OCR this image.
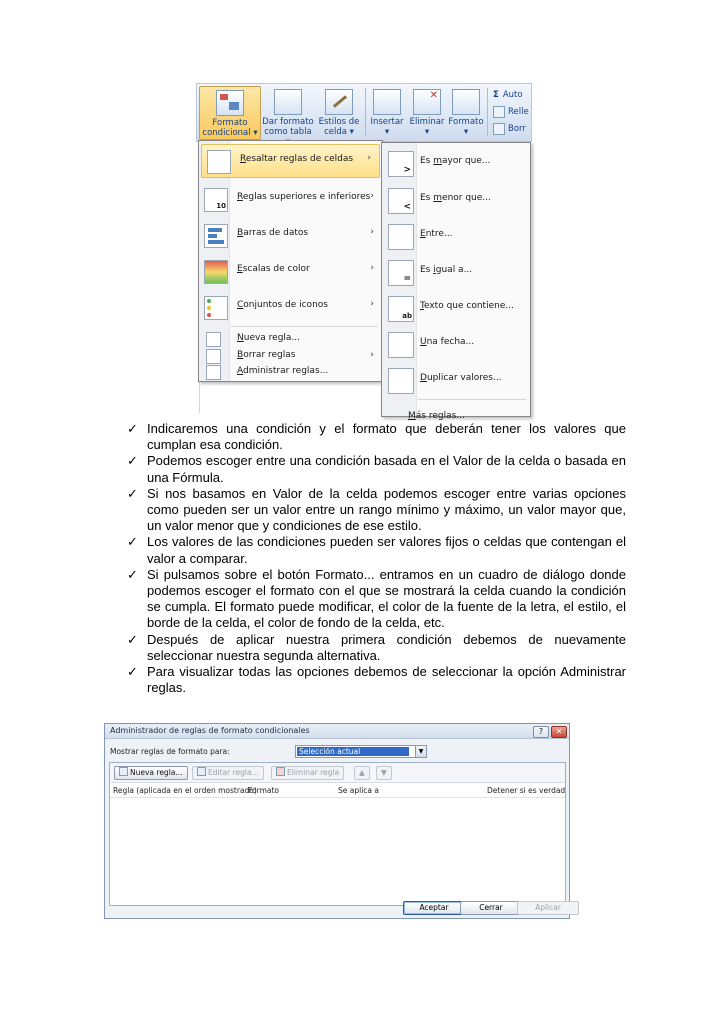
Formato
condicional ▾
Dar formato
como tabla
Estilos de
celda ▾
Insertar
▾
✕
Eliminar
▾
Formato
▾
Σ Auto
Relle
Borr
Resaltar reglas de celdas ›
10
Reglas superiores e inferiores ›
Barras de datos	›
Escalas de color	›
Conjuntos de iconos	›
Nueva regla...
Borrar reglas	›
Administrar reglas...
>
Es mayor que...
<
Es menor que...
Entre...
=
Es igual a...
ab
Texto que contiene...
Una fecha...
Duplicar valores...
Más reglas...
✓ Indicaremos una condición y el formato que deberán tener los valores que cumplan esa condición.
✓ Podemos escoger entre una condición basada en el Valor de la celda o basada en una Fórmula.
✓ Si nos basamos en Valor de la celda podemos escoger entre varias opciones como pueden ser un valor entre un rango mínimo y máximo, un valor mayor que, un valor menor que y condiciones de ese estilo.
✓ Los valores de las condiciones pueden ser valores fijos o celdas que contengan el valor a comparar.
✓ Si pulsamos sobre el botón Formato... entramos en un cuadro de diálogo donde podemos escoger el formato con el que se mostrará la celda cuando la condición se cumpla. El formato puede modificar, el color de la fuente de la letra, el estilo, el borde de la celda, el color de fondo de la celda, etc.
✓ Después de aplicar nuestra primera condición debemos de nuevamente seleccionar nuestra segunda alternativa.
✓ Para visualizar todas las opciones debemos de seleccionar la opción Administrar reglas.
Administrador de reglas de formato condicionales	?	✕
Mostrar reglas de formato para:	Selección actual	▼
Nueva regla...	Editar regla...	Eliminar regla	▲	▼
Regla (aplicada en el orden mostrado)
Formato	Se aplica a	Detener si es verdad
Aceptar	Cerrar	Aplicar
